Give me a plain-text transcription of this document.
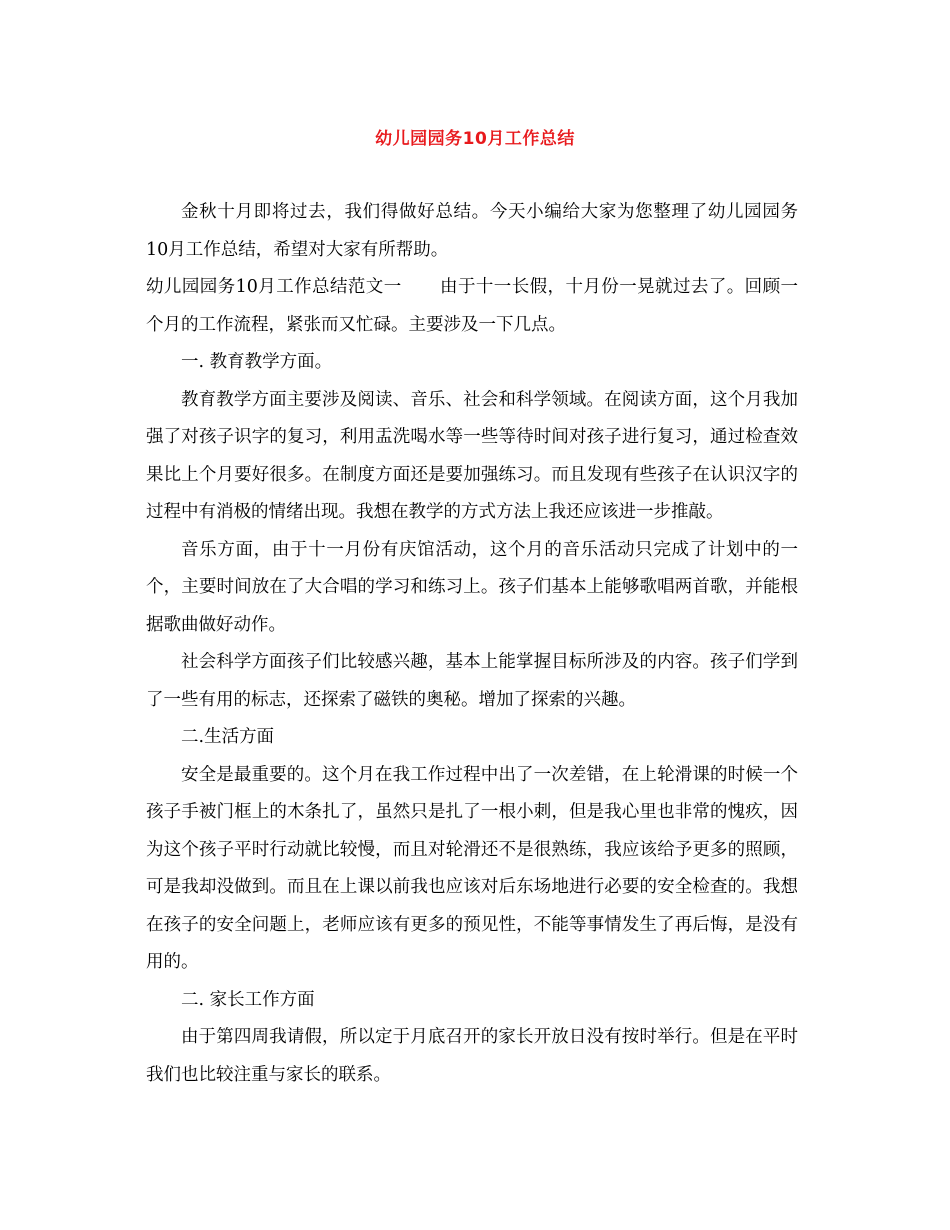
幼儿园园务10月工作总结

金秋十月即将过去，我们得做好总结。今天小编给大家为您整理了幼儿园园务10月工作总结，希望对大家有所帮助。

幼儿园园务10月工作总结范文一 由于十一长假，十月份一晃就过去了。回顾一个月的工作流程，紧张而又忙碌。主要涉及一下几点。

一. 教育教学方面。

教育教学方面主要涉及阅读、音乐、社会和科学领域。在阅读方面，这个月我加强了对孩子识字的复习，利用盂洗喝水等一些等待时间对孩子进行复习，通过检查效果比上个月要好很多。在制度方面还是要加强练习。而且发现有些孩子在认识汉字的过程中有消极的情绪出现。我想在教学的方式方法上我还应该进一步推敲。

音乐方面，由于十一月份有庆馆活动，这个月的音乐活动只完成了计划中的一个，主要时间放在了大合唱的学习和练习上。孩子们基本上能够歌唱两首歌，并能根据歌曲做好动作。

社会科学方面孩子们比较感兴趣，基本上能掌握目标所涉及的内容。孩子们学到了一些有用的标志，还探索了磁铁的奥秘。增加了探索的兴趣。

二.生活方面

安全是最重要的。这个月在我工作过程中出了一次差错，在上轮滑课的时候一个孩子手被门框上的木条扎了，虽然只是扎了一根小刺，但是我心里也非常的愧疚，因为这个孩子平时行动就比较慢，而且对轮滑还不是很熟练，我应该给予更多的照顾，可是我却没做到。而且在上课以前我也应该对后东场地进行必要的安全检查的。我想在孩子的安全问题上，老师应该有更多的预见性，不能等事情发生了再后悔，是没有用的。

二. 家长工作方面

由于第四周我请假，所以定于月底召开的家长开放日没有按时举行。但是在平时我们也比较注重与家长的联系。
